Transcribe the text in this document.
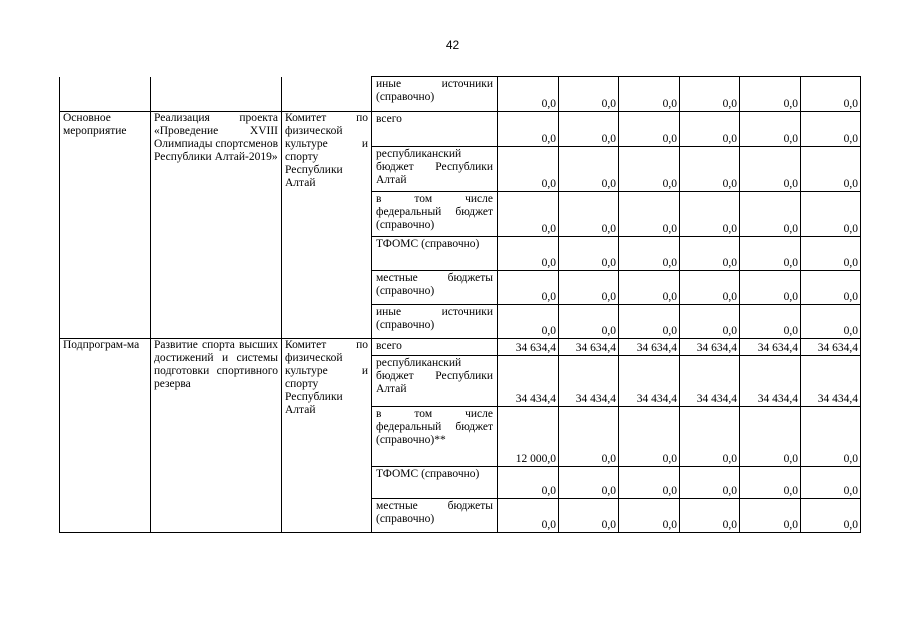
42
			иные источники (справочно)	0,0	0,0	0,0	0,0	0,0	0,0
Основное мероприятие	Реализация проекта «Проведение XVIII Олимпиады спортсменов Республики Алтай-2019»	Комитет по физической культуре и спорту Республики Алтай	всего	0,0	0,0	0,0	0,0	0,0	0,0
			республиканский бюджет Республики Алтай	0,0	0,0	0,0	0,0	0,0	0,0
			в том числе федеральный бюджет (справочно)	0,0	0,0	0,0	0,0	0,0	0,0
			ТФОМС (справочно)	0,0	0,0	0,0	0,0	0,0	0,0
			местные бюджеты (справочно)	0,0	0,0	0,0	0,0	0,0	0,0
			иные источники (справочно)	0,0	0,0	0,0	0,0	0,0	0,0
Подпрограм-ма	Развитие спорта высших достижений и системы подготовки спортивного резерва	Комитет по физической культуре и спорту Республики Алтай	всего	34 634,4	34 634,4	34 634,4	34 634,4	34 634,4	34 634,4
			республиканский бюджет Республики Алтай	34 434,4	34 434,4	34 434,4	34 434,4	34 434,4	34 434,4
			в том числе федеральный бюджет (справочно)**	12 000,0	0,0	0,0	0,0	0,0	0,0
			ТФОМС (справочно)	0,0	0,0	0,0	0,0	0,0	0,0
			местные бюджеты (справочно)	0,0	0,0	0,0	0,0	0,0	0,0
